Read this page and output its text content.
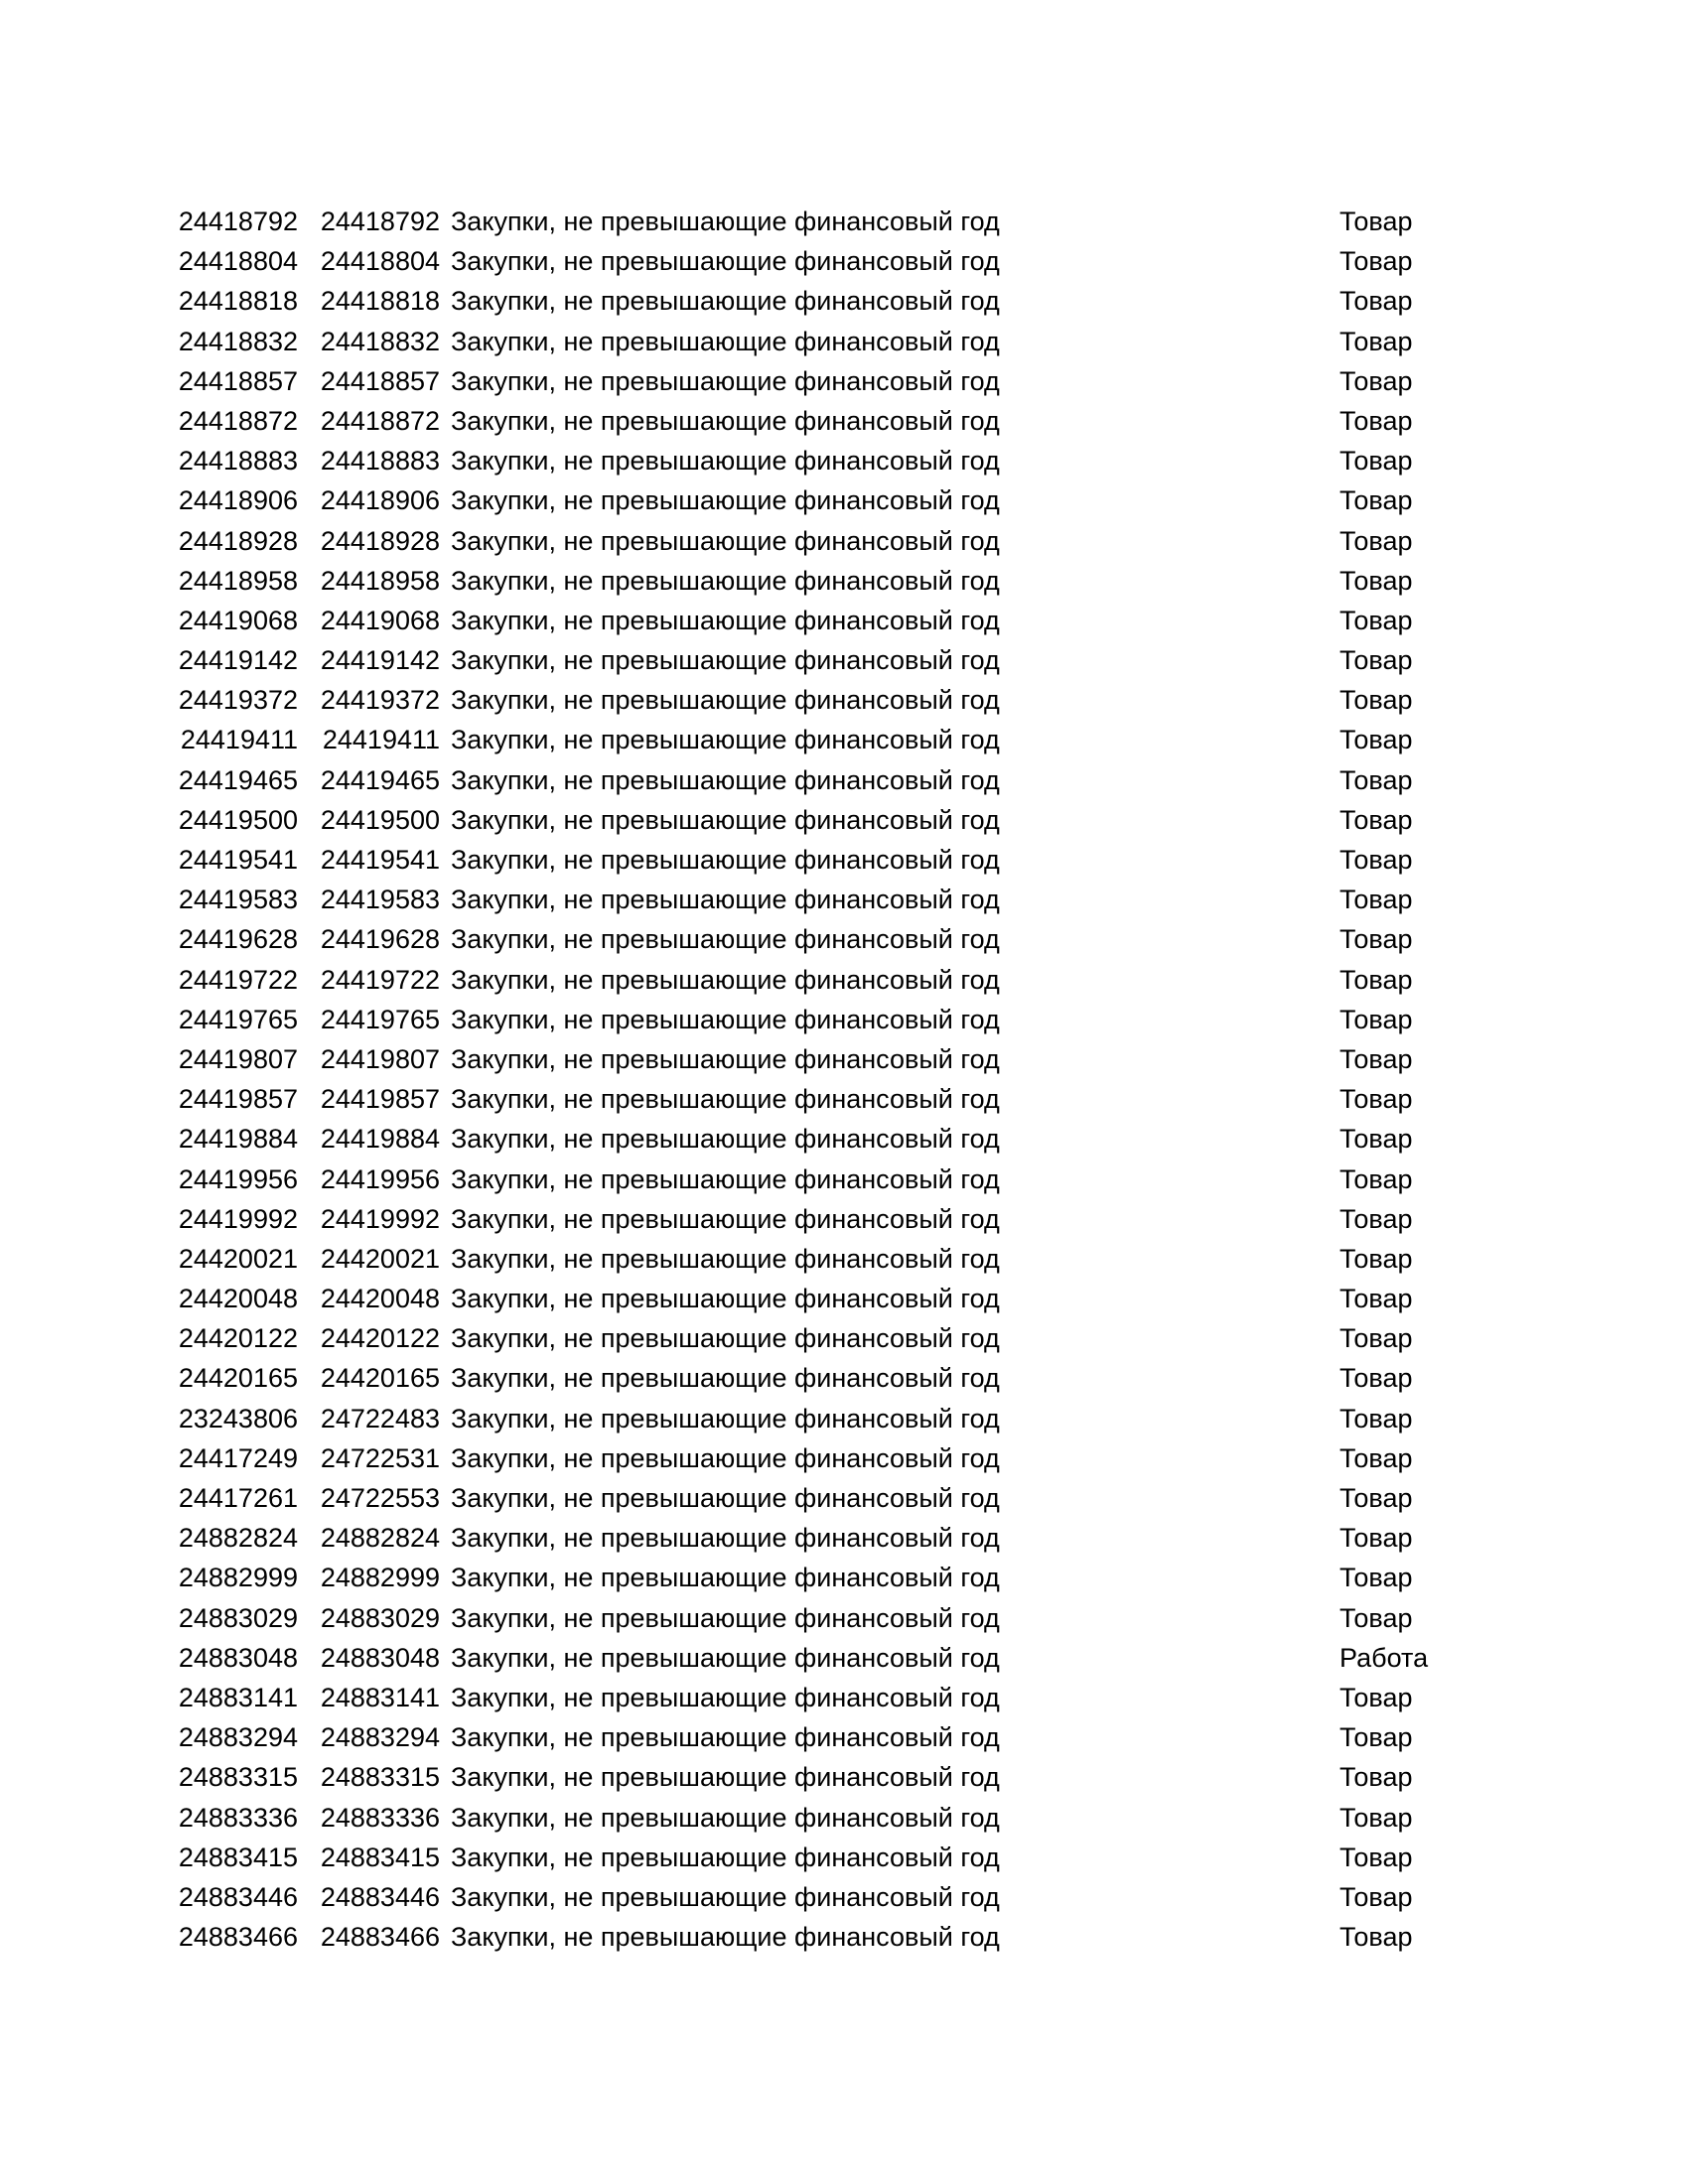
24418792 24418792 Закупки, не превышающие финансовый год	Товар
24418804 24418804 Закупки, не превышающие финансовый год	Товар
24418818 24418818 Закупки, не превышающие финансовый год	Товар
24418832 24418832 Закупки, не превышающие финансовый год	Товар
24418857 24418857 Закупки, не превышающие финансовый год	Товар
24418872 24418872 Закупки, не превышающие финансовый год	Товар
24418883 24418883 Закупки, не превышающие финансовый год	Товар
24418906 24418906 Закупки, не превышающие финансовый год	Товар
24418928 24418928 Закупки, не превышающие финансовый год	Товар
24418958 24418958 Закупки, не превышающие финансовый год	Товар
24419068 24419068 Закупки, не превышающие финансовый год	Товар
24419142 24419142 Закупки, не превышающие финансовый год	Товар
24419372 24419372 Закупки, не превышающие финансовый год	Товар
24419411 24419411 Закупки, не превышающие финансовый год	Товар
24419465 24419465 Закупки, не превышающие финансовый год	Товар
24419500 24419500 Закупки, не превышающие финансовый год	Товар
24419541 24419541 Закупки, не превышающие финансовый год	Товар
24419583 24419583 Закупки, не превышающие финансовый год	Товар
24419628 24419628 Закупки, не превышающие финансовый год	Товар
24419722 24419722 Закупки, не превышающие финансовый год	Товар
24419765 24419765 Закупки, не превышающие финансовый год	Товар
24419807 24419807 Закупки, не превышающие финансовый год	Товар
24419857 24419857 Закупки, не превышающие финансовый год	Товар
24419884 24419884 Закупки, не превышающие финансовый год	Товар
24419956 24419956 Закупки, не превышающие финансовый год	Товар
24419992 24419992 Закупки, не превышающие финансовый год	Товар
24420021 24420021 Закупки, не превышающие финансовый год	Товар
24420048 24420048 Закупки, не превышающие финансовый год	Товар
24420122 24420122 Закупки, не превышающие финансовый год	Товар
24420165 24420165 Закупки, не превышающие финансовый год	Товар
23243806 24722483 Закупки, не превышающие финансовый год	Товар
24417249 24722531 Закупки, не превышающие финансовый год	Товар
24417261 24722553 Закупки, не превышающие финансовый год	Товар
24882824 24882824 Закупки, не превышающие финансовый год	Товар
24882999 24882999 Закупки, не превышающие финансовый год	Товар
24883029 24883029 Закупки, не превышающие финансовый год	Товар
24883048 24883048 Закупки, не превышающие финансовый год	Работа
24883141 24883141 Закупки, не превышающие финансовый год	Товар
24883294 24883294 Закупки, не превышающие финансовый год	Товар
24883315 24883315 Закупки, не превышающие финансовый год	Товар
24883336 24883336 Закупки, не превышающие финансовый год	Товар
24883415 24883415 Закупки, не превышающие финансовый год	Товар
24883446 24883446 Закупки, не превышающие финансовый год	Товар
24883466 24883466 Закупки, не превышающие финансовый год	Товар
